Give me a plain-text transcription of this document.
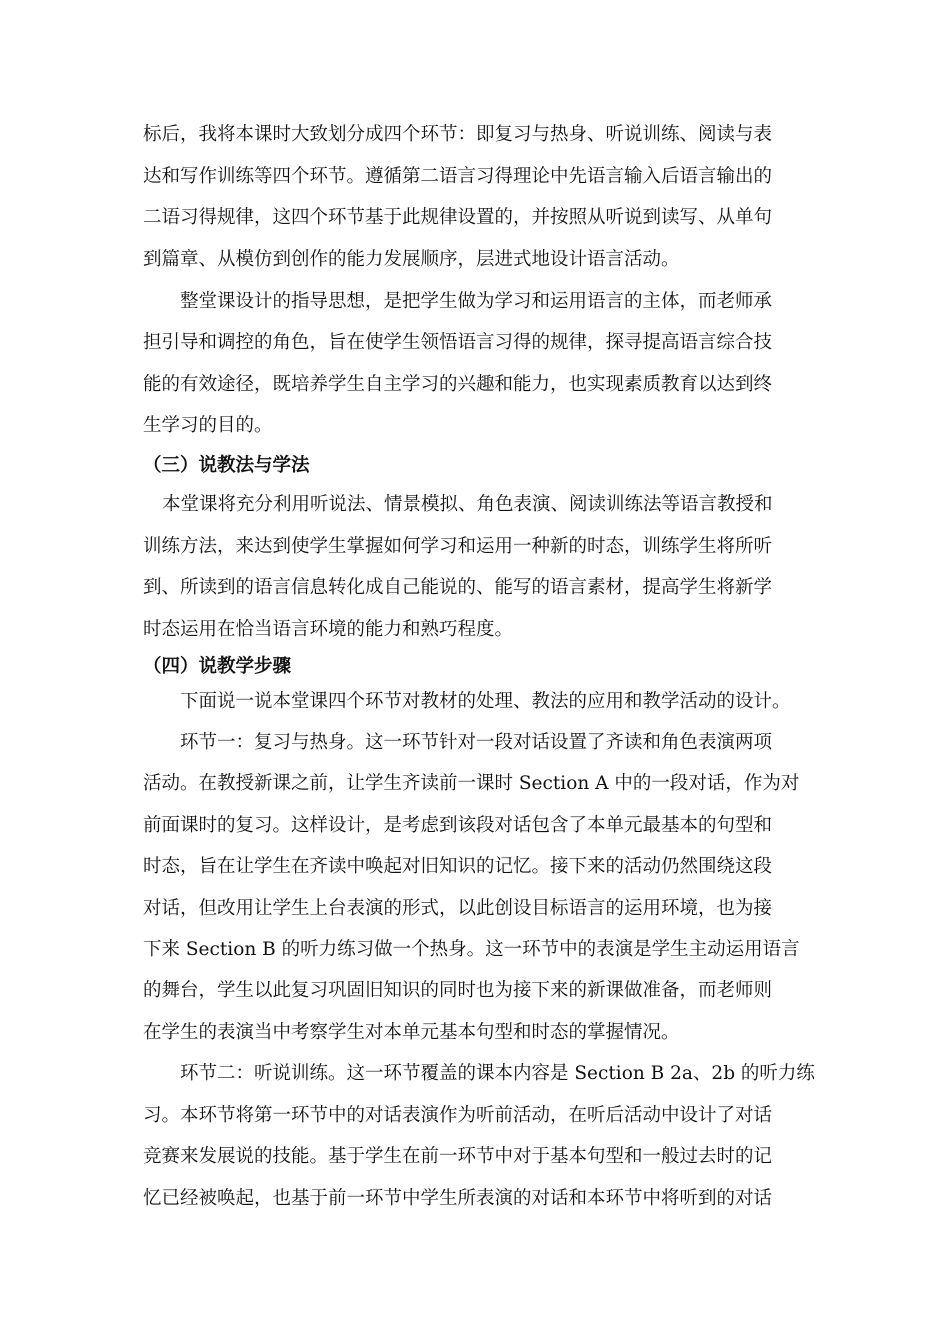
标后，我将本课时大致划分成四个环节：即复习与热身、听说训练、阅读与表
达和写作训练等四个环节。遵循第二语言习得理论中先语言输入后语言输出的
二语习得规律，这四个环节基于此规律设置的，并按照从听说到读写、从单句
到篇章、从模仿到创作的能力发展顺序，层进式地设计语言活动。
整堂课设计的指导思想，是把学生做为学习和运用语言的主体，而老师承
担引导和调控的角色，旨在使学生领悟语言习得的规律，探寻提高语言综合技
能的有效途径，既培养学生自主学习的兴趣和能力，也实现素质教育以达到终
生学习的目的。
（三）说教法与学法
本堂课将充分利用听说法、情景模拟、角色表演、阅读训练法等语言教授和
训练方法，来达到使学生掌握如何学习和运用一种新的时态，训练学生将所听
到、所读到的语言信息转化成自己能说的、能写的语言素材，提高学生将新学
时态运用在恰当语言环境的能力和熟巧程度。
（四）说教学步骤
下面说一说本堂课四个环节对教材的处理、教法的应用和教学活动的设计。
环节一：复习与热身。这一环节针对一段对话设置了齐读和角色表演两项
活动。在教授新课之前，让学生齐读前一课时 Section A 中的一段对话，作为对
前面课时的复习。这样设计，是考虑到该段对话包含了本单元最基本的句型和
时态，旨在让学生在齐读中唤起对旧知识的记忆。接下来的活动仍然围绕这段
对话，但改用让学生上台表演的形式，以此创设目标语言的运用环境，也为接
下来 Section B 的听力练习做一个热身。这一环节中的表演是学生主动运用语言
的舞台，学生以此复习巩固旧知识的同时也为接下来的新课做准备，而老师则
在学生的表演当中考察学生对本单元基本句型和时态的掌握情况。
环节二：听说训练。这一环节覆盖的课本内容是 Section B 2a、2b 的听力练
习。本环节将第一环节中的对话表演作为听前活动，在听后活动中设计了对话
竞赛来发展说的技能。基于学生在前一环节中对于基本句型和一般过去时的记
忆已经被唤起，也基于前一环节中学生所表演的对话和本环节中将听到的对话
